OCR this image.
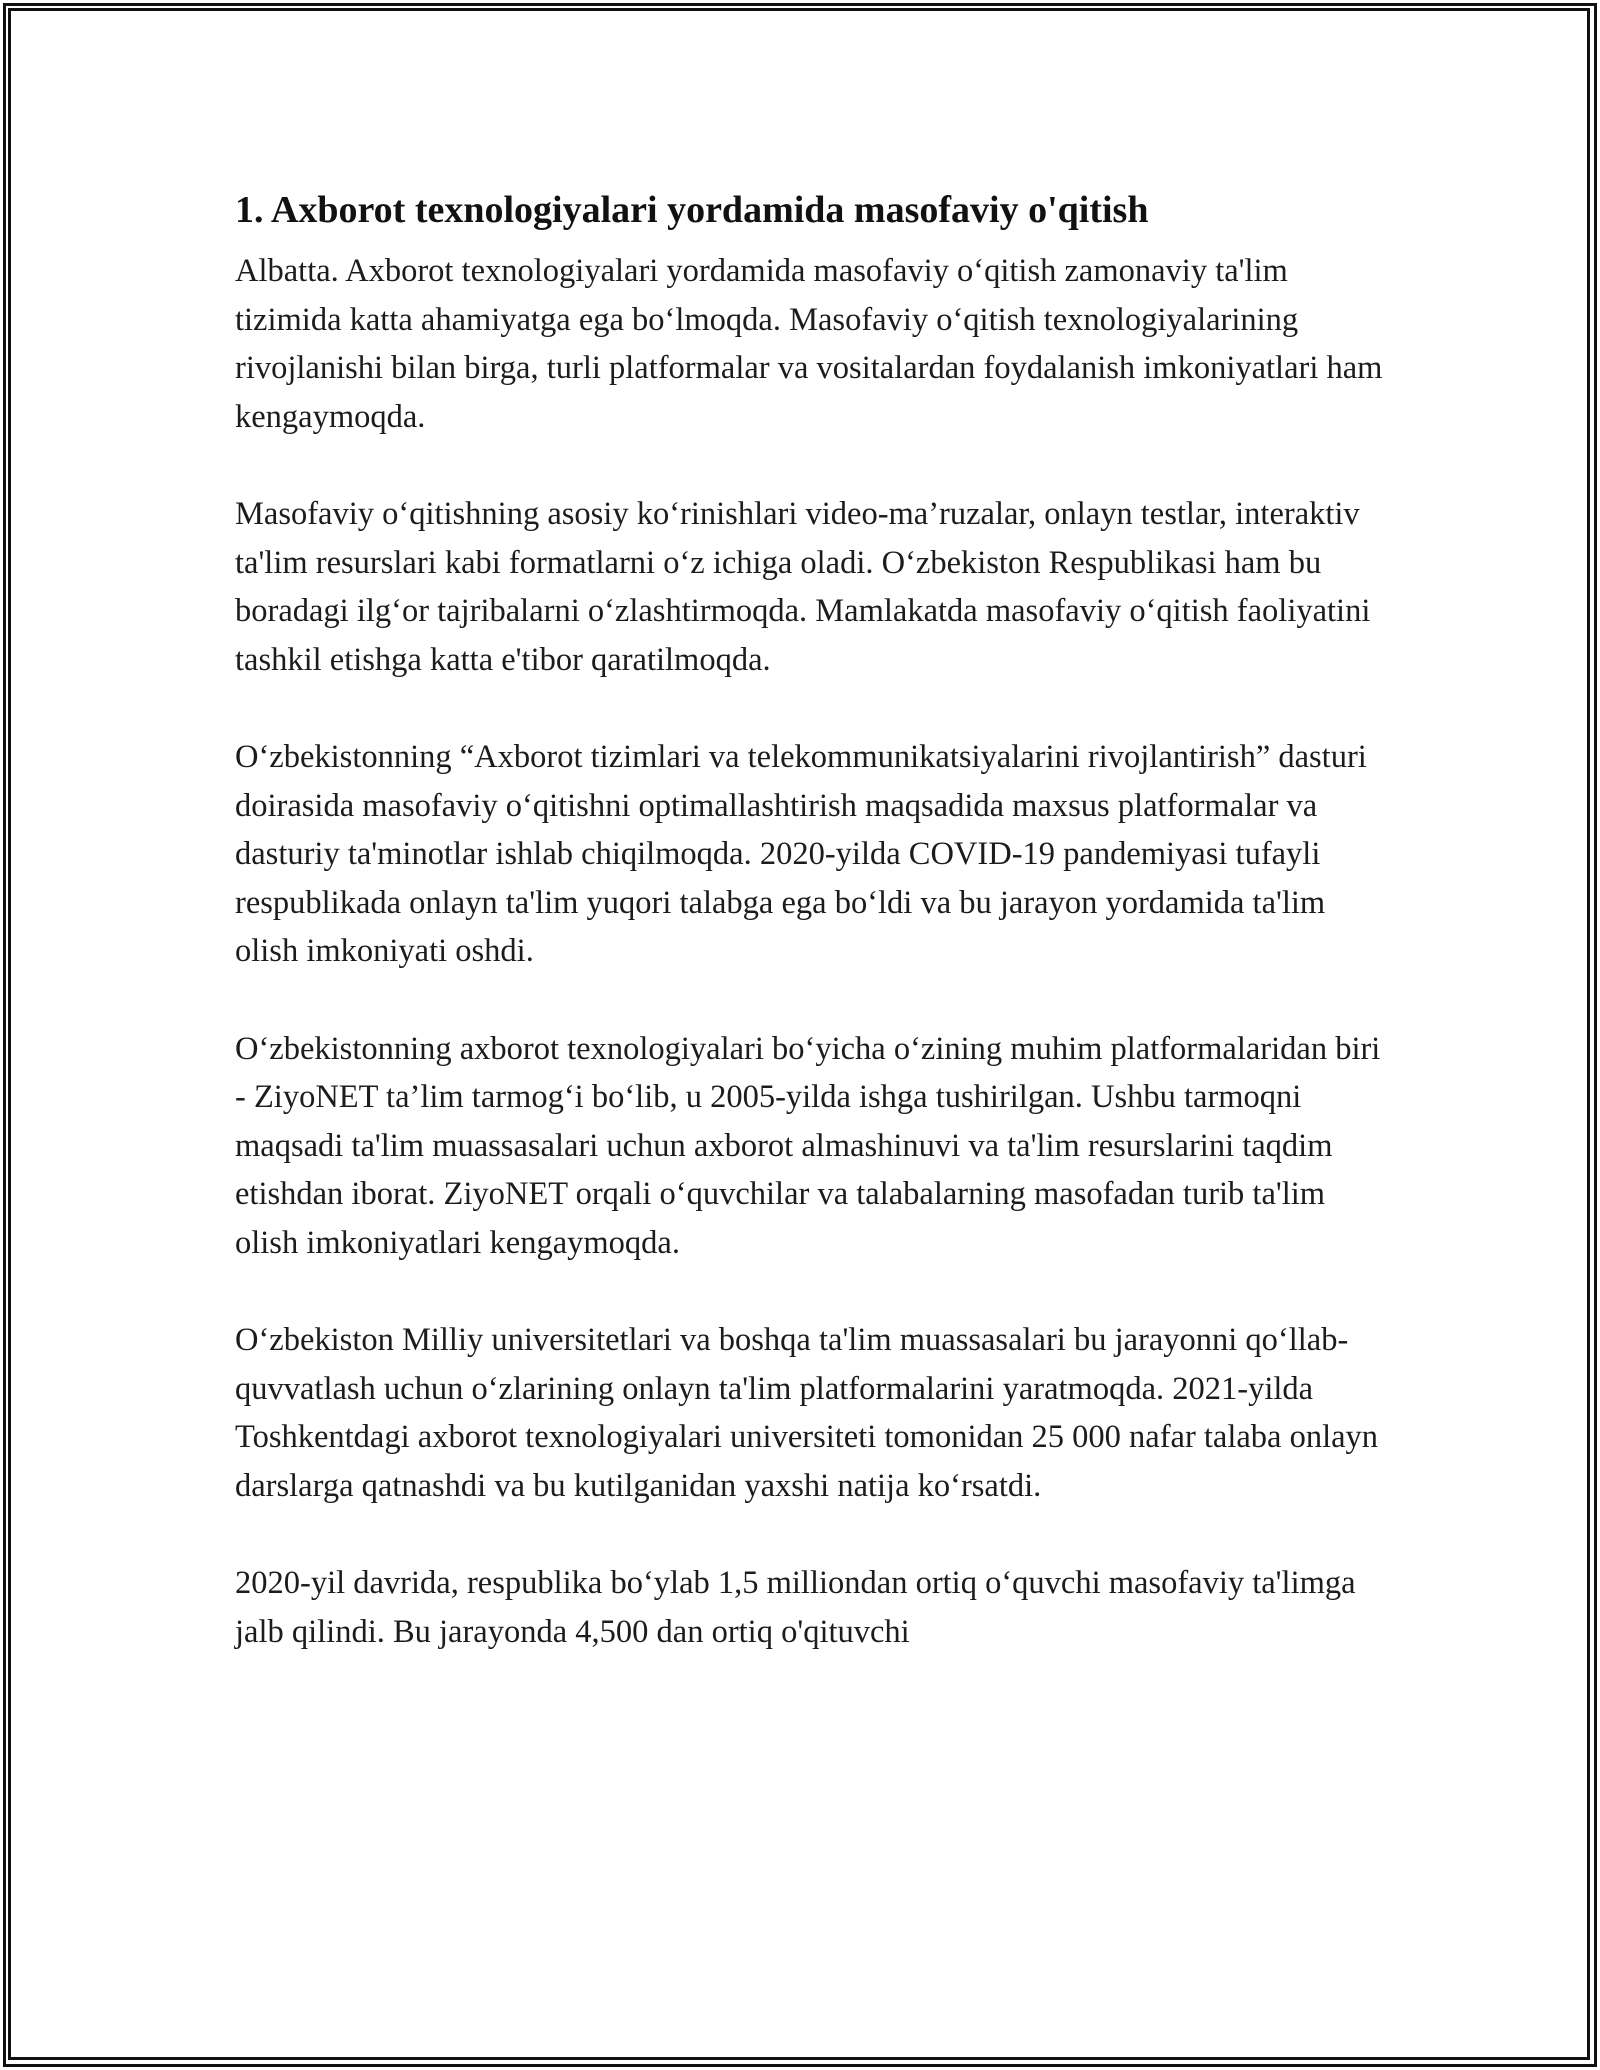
1. Axborot texnologiyalari yordamida masofaviy o'qitish

Albatta. Axborot texnologiyalari yordamida masofaviy o‘qitish zamonaviy ta'lim tizimida katta ahamiyatga ega bo‘lmoqda. Masofaviy o‘qitish texnologiyalarining rivojlanishi bilan birga, turli platformalar va vositalardan foydalanish imkoniyatlari ham kengaymoqda.

Masofaviy o‘qitishning asosiy ko‘rinishlari video-ma’ruzalar, onlayn testlar, interaktiv ta'lim resurslari kabi formatlarni o‘z ichiga oladi. O‘zbekiston Respublikasi ham bu boradagi ilg‘or tajribalarni o‘zlashtirmoqda. Mamlakatda masofaviy o‘qitish faoliyatini tashkil etishga katta e'tibor qaratilmoqda.

O‘zbekistonning “Axborot tizimlari va telekommunikatsiyalarini rivojlantirish” dasturi doirasida masofaviy o‘qitishni optimallashtirish maqsadida maxsus platformalar va dasturiy ta'minotlar ishlab chiqilmoqda. 2020-yilda COVID-19 pandemiyasi tufayli respublikada onlayn ta'lim yuqori talabga ega bo‘ldi va bu jarayon yordamida ta'lim olish imkoniyati oshdi.

O‘zbekistonning axborot texnologiyalari bo‘yicha o‘zining muhim platformalaridan biri - ZiyoNET ta’lim tarmog‘i bo‘lib, u 2005-yilda ishga tushirilgan. Ushbu tarmoqni maqsadi ta'lim muassasalari uchun axborot almashinuvi va ta'lim resurslarini taqdim etishdan iborat. ZiyoNET orqali o‘quvchilar va talabalarning masofadan turib ta'lim olish imkoniyatlari kengaymoqda.

O‘zbekiston Milliy universitetlari va boshqa ta'lim muassasalari bu jarayonni qo‘llab-quvvatlash uchun o‘zlarining onlayn ta'lim platformalarini yaratmoqda. 2021-yilda Toshkentdagi axborot texnologiyalari universiteti tomonidan 25 000 nafar talaba onlayn darslarga qatnashdi va bu kutilganidan yaxshi natija ko‘rsatdi.

2020-yil davrida, respublika bo‘ylab 1,5 milliondan ortiq o‘quvchi masofaviy ta'limga jalb qilindi. Bu jarayonda 4,500 dan ortiq o'qituvchi
